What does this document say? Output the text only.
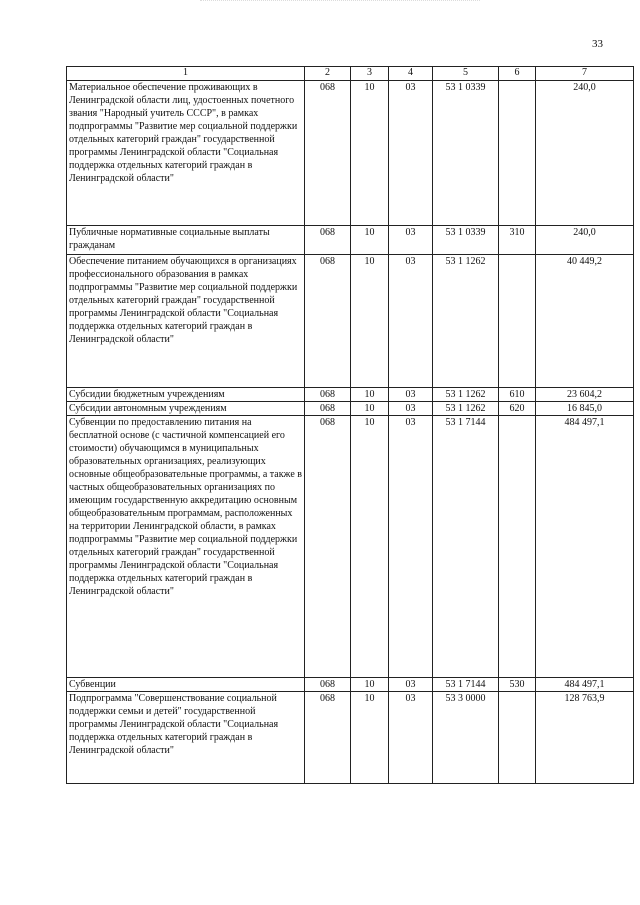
33
1	2	3	4	5	6	7
Материальное обеспечение проживающих в Ленинградской области лиц, удостоенных почетного звания "Народный учитель СССР", в рамках подпрограммы "Развитие мер социальной поддержки отдельных категорий граждан" государственной программы Ленинградской области "Социальная поддержка отдельных категорий граждан в Ленинградской области"	068	10	03	53 1 0339		240,0
Публичные нормативные социальные выплаты гражданам	068	10	03	53 1 0339	310	240,0
Обеспечение питанием обучающихся в организациях профессионального образования в рамках подпрограммы "Развитие мер социальной поддержки отдельных категорий граждан" государственной программы Ленинградской области "Социальная поддержка отдельных категорий граждан в Ленинградской области"	068	10	03	53 1 1262		40 449,2
Субсидии бюджетным учреждениям	068	10	03	53 1 1262	610	23 604,2
Субсидии автономным учреждениям	068	10	03	53 1 1262	620	16 845,0
Субвенции по предоставлению питания на бесплатной основе (с частичной компенсацией его стоимости) обучающимся в муниципальных образовательных организациях, реализующих основные общеобразовательные программы, а также в частных общеобразовательных организациях по имеющим государственную аккредитацию основным общеобразовательным программам, расположенных на территории Ленинградской области, в рамках подпрограммы "Развитие мер социальной поддержки отдельных категорий граждан" государственной программы Ленинградской области "Социальная поддержка отдельных категорий граждан в Ленинградской области"	068	10	03	53 1 7144		484 497,1
Субвенции	068	10	03	53 1 7144	530	484 497,1
Подпрограмма "Совершенствование социальной поддержки семьи и детей" государственной программы Ленинградской области "Социальная поддержка отдельных категорий граждан в Ленинградской области"	068	10	03	53 3 0000		128 763,9
